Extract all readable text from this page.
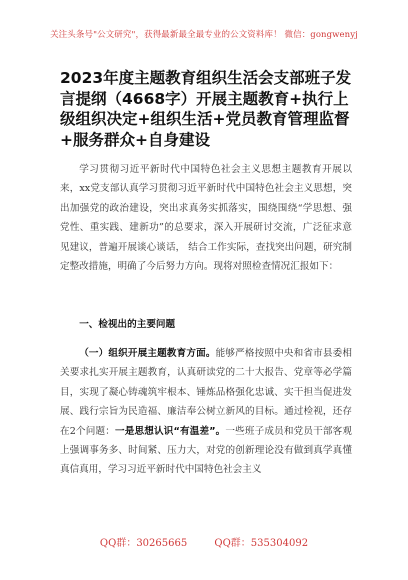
关注头条号"公文研究"，获得最新最全最专业的公文资料库！ 微信：gongwenyj
2023年度主题教育组织生活会支部班子发言提纲（4668字）开展主题教育+执行上级组织决定+组织生活+党员教育管理监督+服务群众+自身建设

学习贯彻习近平新时代中国特色社会主义思想主题教育开展以来，xx党支部认真学习贯彻习近平新时代中国特色社会主义思想，突出加强党的政治建设，突出求真务实抓落实，围绕围绕“学思想、强党性、重实践、建新功”的总要求，深入开展研讨交流，广泛征求意见建议，普遍开展谈心谈话， 结合工作实际，查找突出问题，研究制定整改措施，明确了今后努力方向。现将对照检查情况汇报如下：

一、检视出的主要问题

（一）组织开展主题教育方面。能够严格按照中央和省市县委相关要求扎实开展主题教育，认真研读党的二十大报告、党章等必学篇目，实现了凝心铸魂筑牢根本、锤炼品格强化忠诚、实干担当促进发展、践行宗旨为民造福、廉洁奉公树立新风的目标。通过检视，还存在2个问题：一是思想认识“有温差”。一些班子成员和党员干部客观上强调事务多、时间紧、压力大，对党的创新理论没有做到真学真懂真信真用，学习习近平新时代中国特色社会主义

QQ群：30265665	QQ群：535304092
